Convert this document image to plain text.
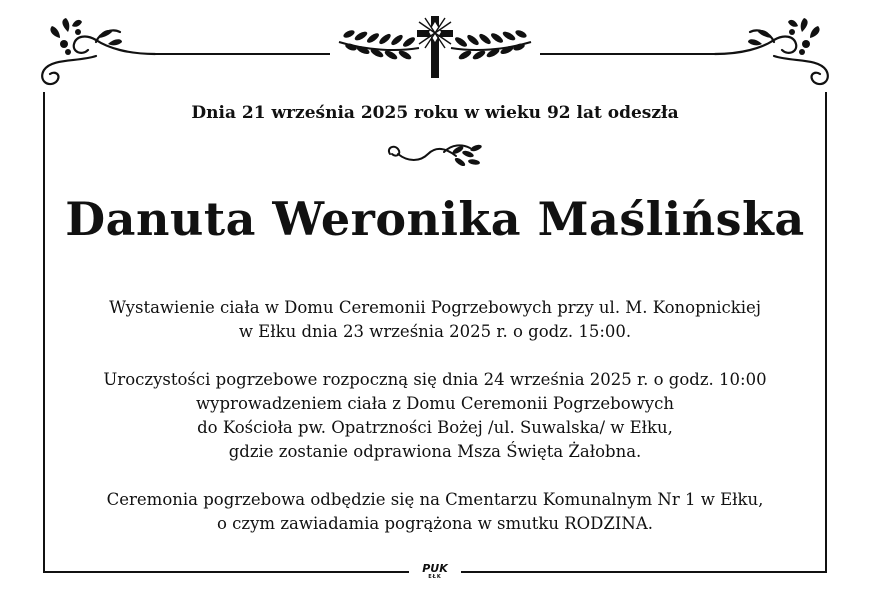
Dnia 21 września 2025 roku w wieku 92 lat odeszła
Danuta Weronika Maślińska
Wystawienie ciała w Domu Ceremonii Pogrzebowych przy ul. M. Konopnickiej
w Ełku dnia 23 września 2025 r. o godz. 15:00.
Uroczystości pogrzebowe rozpoczną się dnia 24 września 2025 r. o godz. 10:00
wyprowadzeniem ciała z Domu Ceremonii Pogrzebowych
do Kościoła pw. Opatrzności Bożej /ul. Suwalska/ w Ełku,
gdzie zostanie odprawiona Msza Święta Żałobna.
Ceremonia pogrzebowa odbędzie się na Cmentarzu Komunalnym Nr 1 w Ełku,
o czym zawiadamia pogrążona w smutku RODZINA.
PUK
EŁK
